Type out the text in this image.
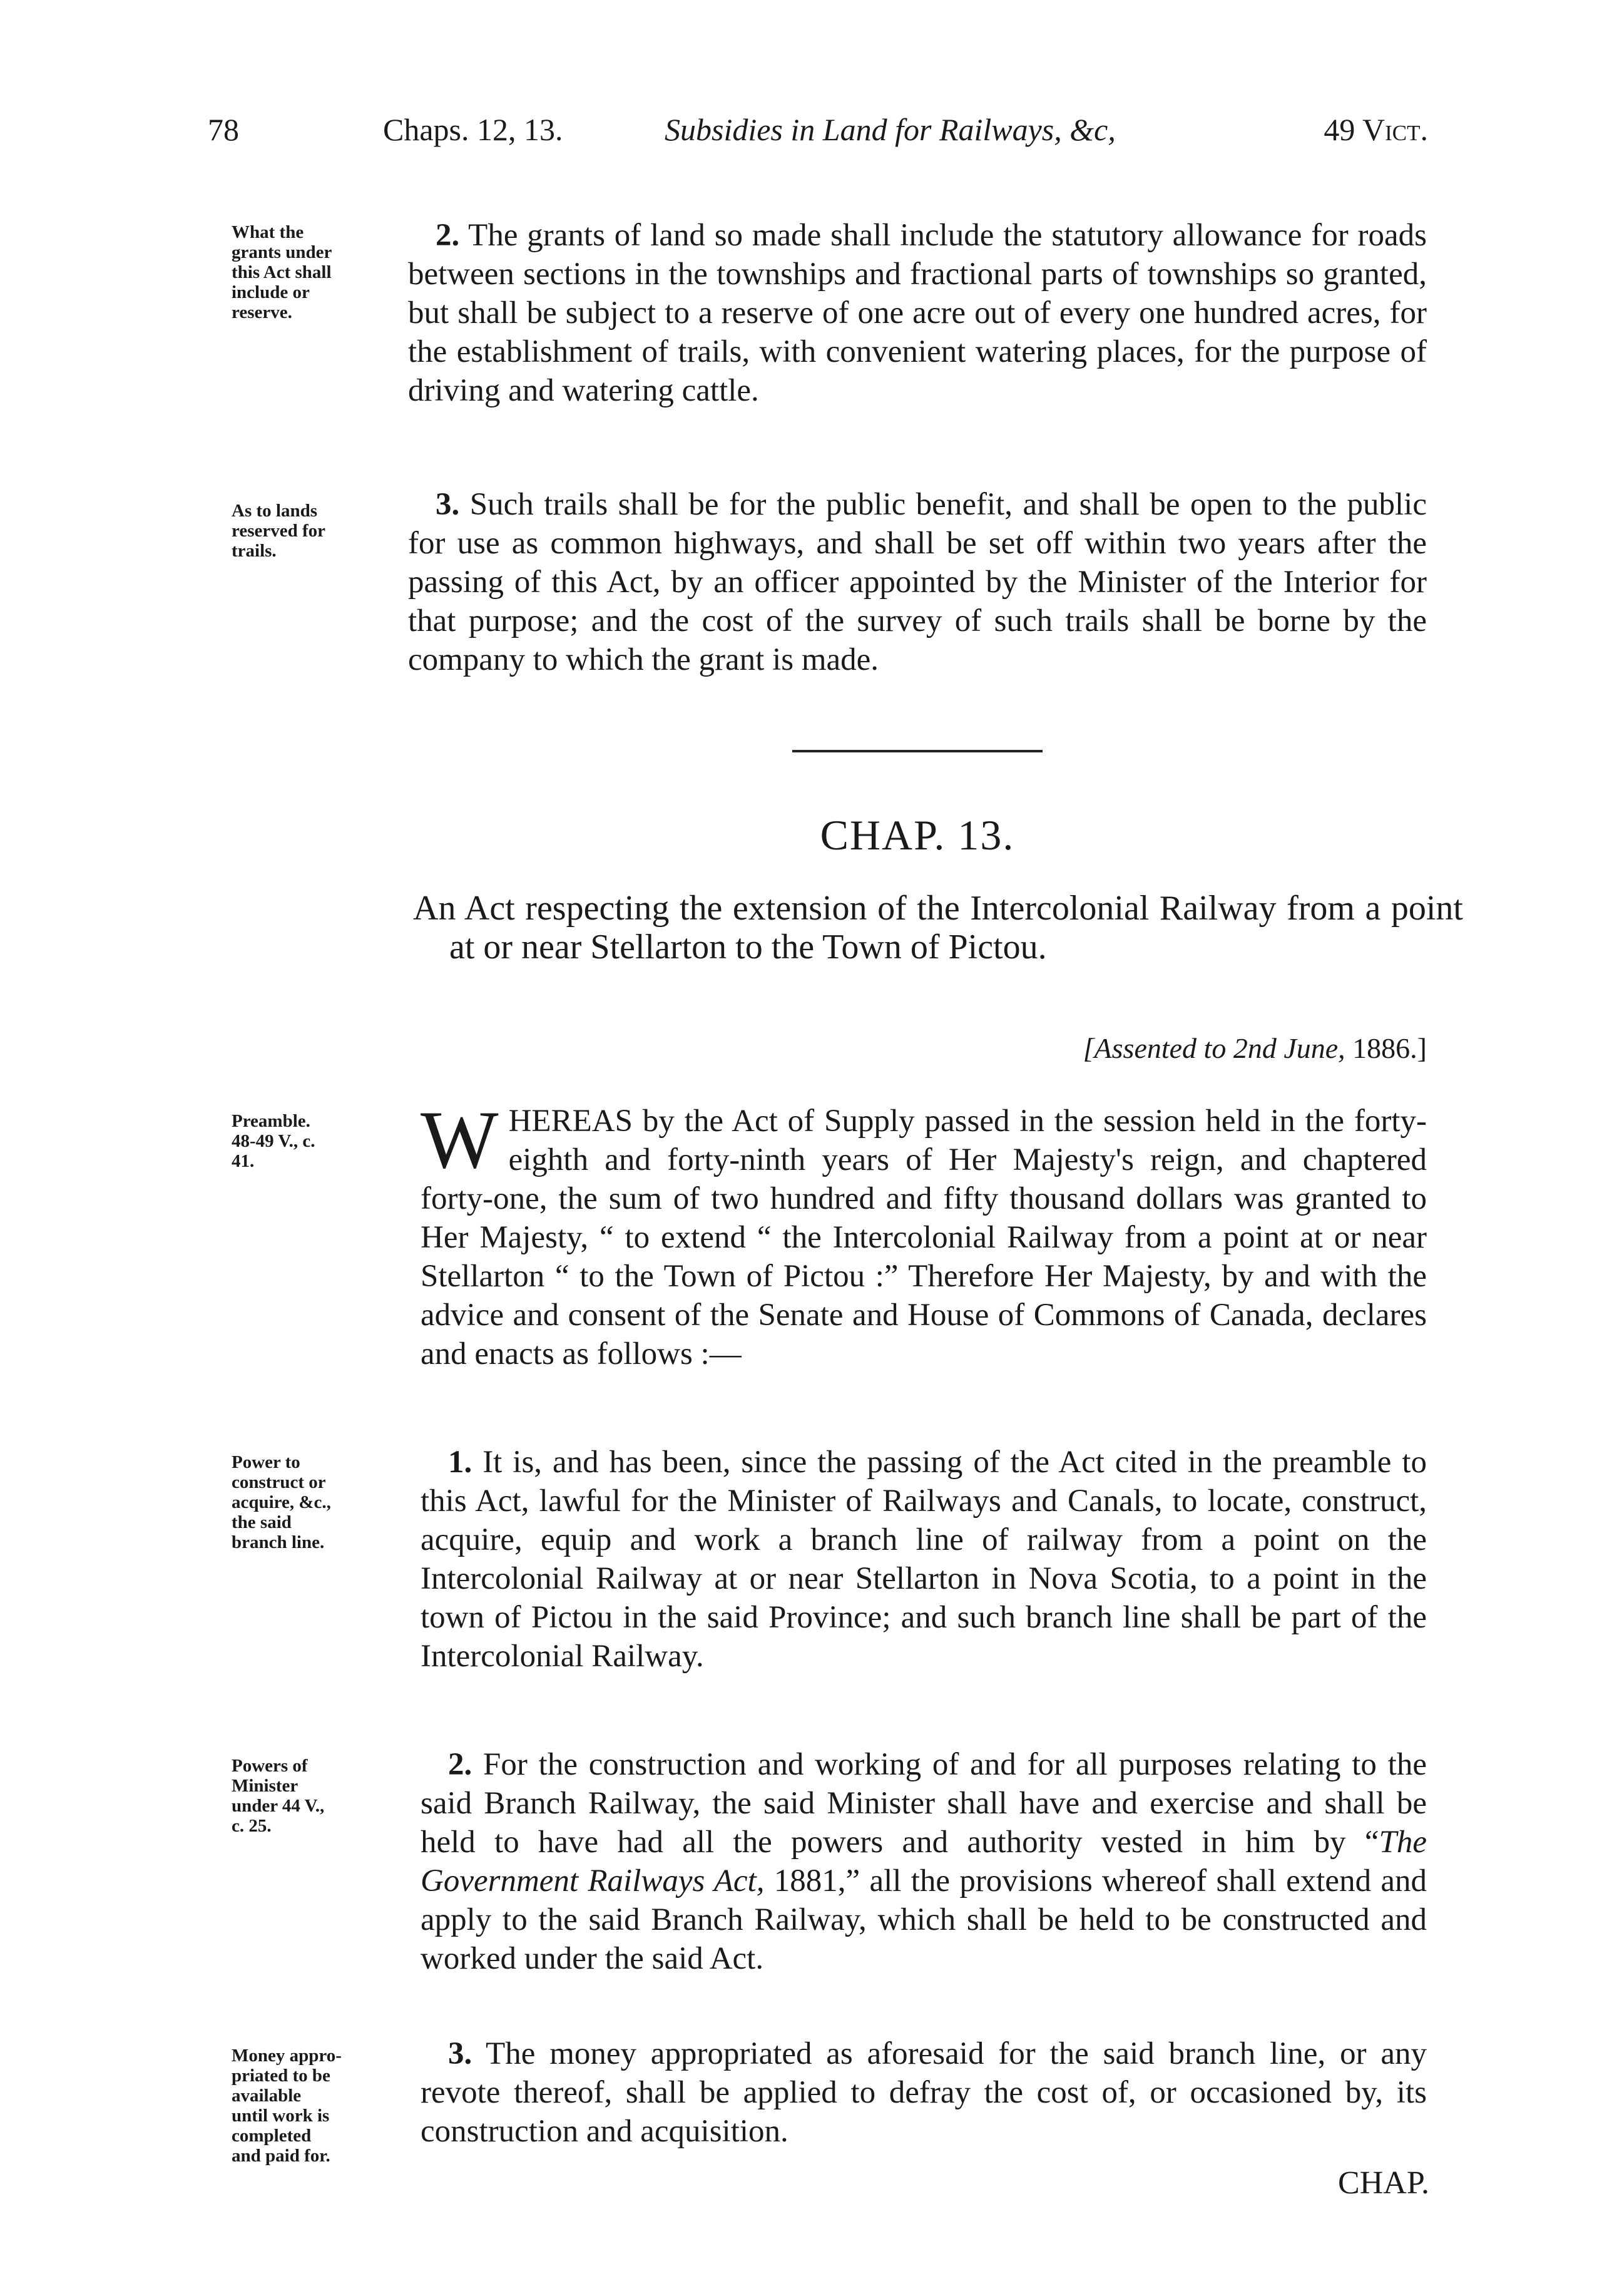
78	Chaps. 12, 13.	Subsidies in Land for Railways, &c,	49 Vict.
What the
grants under
this Act shall
include or
reserve.
2. The grants of land so made shall include the statutory allowance for roads between sections in the townships and fractional parts of townships so granted, but shall be subject to a reserve of one acre out of every one hundred acres, for the establishment of trails, with convenient watering places, for the purpose of driving and watering cattle.
As to lands
reserved for
trails.
3. Such trails shall be for the public benefit, and shall be open to the public for use as common highways, and shall be set off within two years after the passing of this Act, by an officer appointed by the Minister of the Interior for that purpose; and the cost of the survey of such trails shall be borne by the company to which the grant is made.
CHAP. 13.
An Act respecting the extension of the Intercolonial Railway from a point at or near Stellarton to the Town of Pictou.
[Assented to 2nd June, 1886.]
Preamble.
48-49 V., c.
41.	W HEREAS by the Act of Supply passed in the session held in the forty-eighth and forty-ninth years of Her Majesty's reign, and chaptered forty-one, the sum of two hundred and fifty thousand dollars was granted to Her Majesty, “ to extend “ the Intercolonial Railway from a point at or near Stellarton “ to the Town of Pictou :” Therefore Her Majesty, by and with the advice and consent of the Senate and House of Commons of Canada, declares and enacts as follows :—
Power to
construct or
acquire, &c.,
the said
branch line.
1. It is, and has been, since the passing of the Act cited in the preamble to this Act, lawful for the Minister of Railways and Canals, to locate, construct, acquire, equip and work a branch line of railway from a point on the Intercolonial Railway at or near Stellarton in Nova Scotia, to a point in the town of Pictou in the said Province; and such branch line shall be part of the Intercolonial Railway.
Powers of
Minister
under 44 V.,
c. 25.
2. For the construction and working of and for all purposes relating to the said Branch Railway, the said Minister shall have and exercise and shall be held to have had all the powers and authority vested in him by “The Government Railways Act, 1881,” all the provisions whereof shall extend and apply to the said Branch Railway, which shall be held to be constructed and worked under the said Act.
Money appro-
priated to be
available
until work is
completed
and paid for.
3. The money appropriated as aforesaid for the said branch line, or any revote thereof, shall be applied to defray the cost of, or occasioned by, its construction and acquisition.
CHAP.
